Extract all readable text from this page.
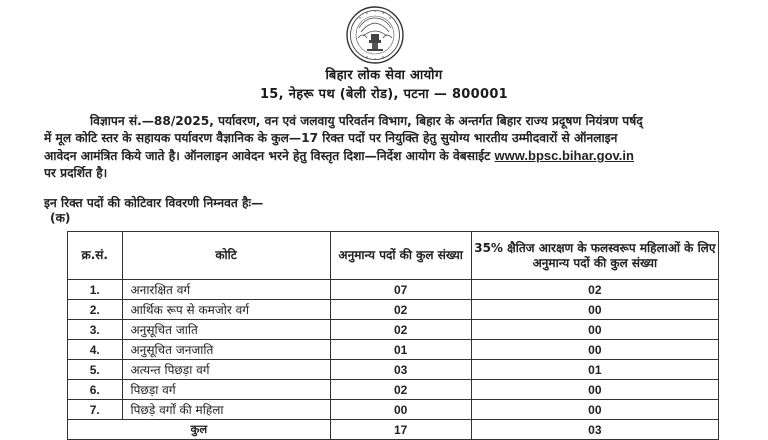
बिहार लोक सेवा आयोग
15, नेहरू पथ (बेली रोड), पटना — 800001
विज्ञापन सं.—88/2025, पर्यावरण, वन एवं जलवायु परिवर्तन विभाग, बिहार के अन्तर्गत बिहार राज्य प्रदूषण नियंत्रण पर्षद्
में मूल कोटि स्तर के सहायक पर्यावरण वैज्ञानिक के कुल—17 रिक्त पदों पर नियुक्ति हेतु सुयोग्य भारतीय उम्मीदवारों से ऑनलाइन
आवेदन आमंत्रित किये जाते है। ऑनलाइन आवेदन भरने हेतु विस्तृत दिशा—निर्देश आयोग के वेबसाईट www.bpsc.bihar.gov.in
पर प्रदर्शित है।
इन रिक्त पदों की कोटिवार विवरणी निम्नवत हैः—
(क)
क्र.सं.	कोटि	अनुमान्य पदों की कुल संख्या	35% क्षैतिज आरक्षण के फलस्वरूप महिलाओं के लिए अनुमान्य पदों की कुल संख्या
1.	अनारक्षित वर्ग	07	02
2.	आर्थिक रूप से कमजोर वर्ग	02	00
3.	अनुसूचित जाति	02	00
4.	अनुसूचित जनजाति	01	00
5.	अत्यन्त पिछड़ा वर्ग	03	01
6.	पिछड़ा वर्ग	02	00
7.	पिछड़े वर्गों की महिला	00	00
कुल		17	03
